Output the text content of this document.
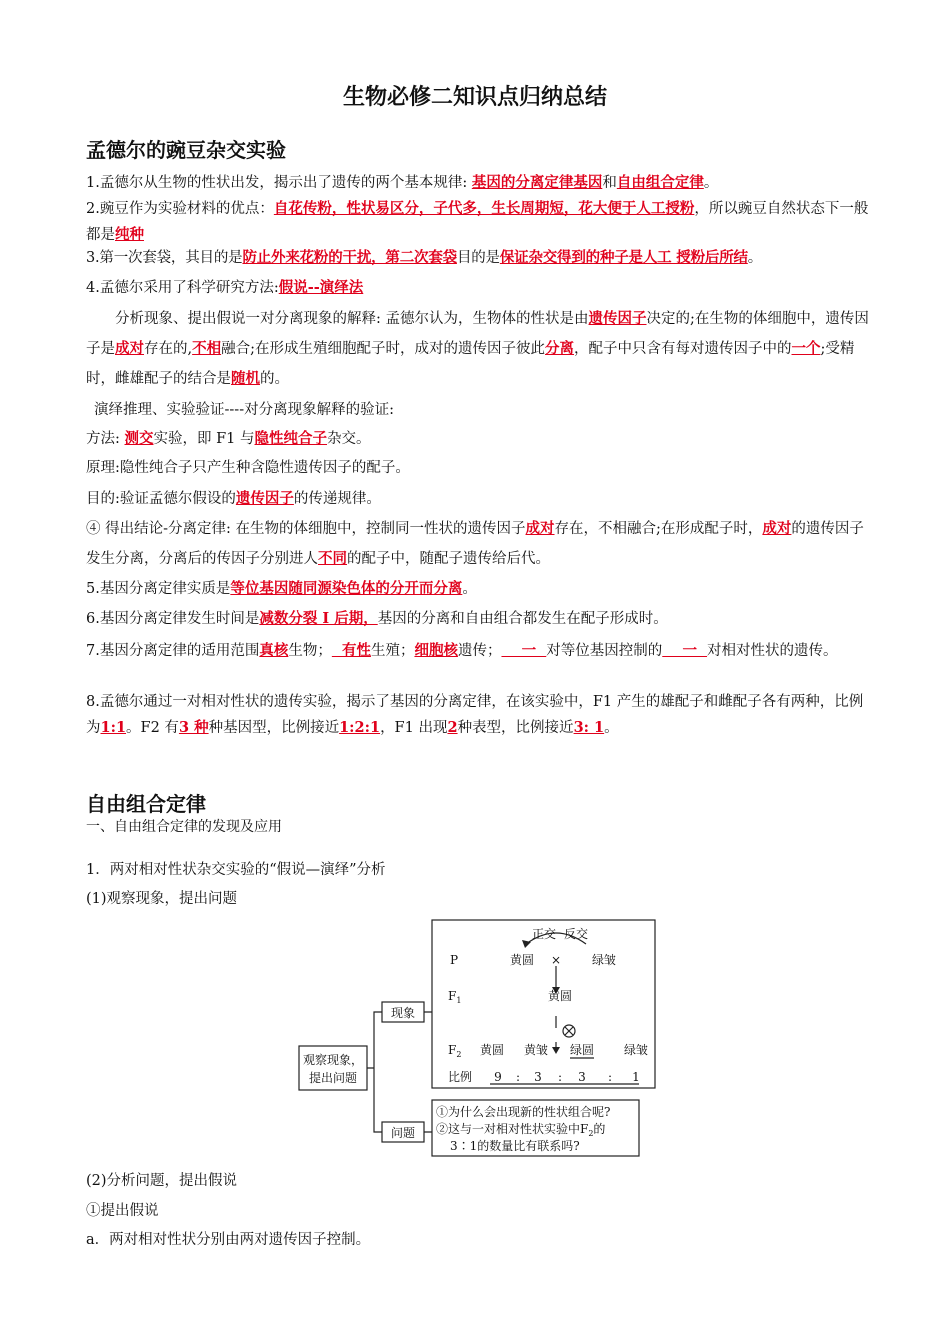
生物必修二知识点归纳总结
孟德尔的豌豆杂交实验
1.孟德尔从生物的性状出发，揭示出了遗传的两个基本规律: 基因的分离定律基因和自由组合定律。
2.豌豆作为实验材料的优点：自花传粉，性状易区分，子代多，生长周期短，花大便于人工授粉，所以豌豆自然状态下一般都是纯种
3.第一次套袋，其目的是防止外来花粉的干扰，第二次套袋目的是保证杂交得到的种子是人工 授粉后所结。
4.孟德尔采用了科学研究方法:假说--演绎法
分析现象、提出假说一对分离现象的解释: 孟德尔认为，生物体的性状是由遗传因子决定的;在生物的体细胞中，遗传因子是成对存在的,不相融合;在形成生殖细胞配子时，成对的遗传因子彼此分离，配子中只含有每对遗传因子中的一个;受精时，雌雄配子的结合是随机的。
演绎推理、实验验证----对分离现象解释的验证:
方法: 测交实验，即 F1 与隐性纯合子杂交。
原理:隐性纯合子只产生种含隐性遗传因子的配子。
目的:验证孟德尔假设的遗传因子的传递规律。
④ 得出结论-分离定律: 在生物的体细胞中，控制同一性状的遗传因子成对存在，不相融合;在形成配子时，成对的遗传因子发生分离，分离后的传因子分别进人不同的配子中，随配子遗传给后代。
5.基因分离定律实质是等位基因随同源染色体的分开而分离。
6.基因分离定律发生时间是减数分裂 I 后期，基因的分离和自由组合都发生在配子形成时。
7.基因分离定律的适用范围真核生物；  有性生殖；细胞核遗传；    一  对等位基因控制的    一  对相对性状的遗传。
8.孟德尔通过一对相对性状的遗传实验，揭示了基因的分离定律，在该实验中，F1 产生的雄配子和雌配子各有两种，比例为1:1。F2 有3 种种基因型，比例接近1:2:1，F1 出现2种表型，比例接近3: 1。
自由组合定律
一、自由组合定律的发现及应用
1．两对相对性状杂交实验的“假说—演绎”分析
(1)观察现象，提出问题
观察现象，
提出问题
现象
问题
正交 反交
P	黄圆 ×	绿皱
$F_1$	黄圆
$F_2$ 黄圆 黄皱 绿圆 绿皱
比例 9 : 3 : 3 : 1
①为什么会出现新的性状组合呢?
②这与一对相对性状实验中$F_2$的
3∶1的数量比有联系吗?
(2)分析问题，提出假说
①提出假说
a．两对相对性状分别由两对遗传因子控制。
